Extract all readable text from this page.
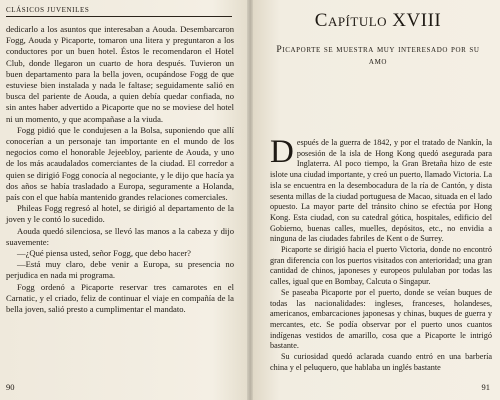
CLÁSICOS JUVENILES

dedicarlo a los asuntos que interesaban a Aouda. Desembarcaron Fogg, Aouda y Picaporte, tomaron una litera y preguntaron a los conductores por un buen hotel. Éstos le recomendaron el Hotel Club, donde llegaron un cuarto de hora después. Tuvieron un buen departamento para la bella joven, ocupándose Fogg de que estuviese bien instalada y nada le faltase; seguidamente salió en busca del pariente de Aouda, a quien debía quedar confiada, no sin antes haber advertido a Picaporte que no se moviese del hotel ni un momento, y que acompañase a la viuda.

Fogg pidió que le condujesen a la Bolsa, suponiendo que allí conocerían a un personaje tan importante en el mundo de los negocios como el honorable Jejeebloy, pariente de Aouda, y uno de los más acaudalados comerciantes de la ciudad. El corredor a quien se dirigió Fogg conocía al negociante, y le dijo que hacía ya dos años se había trasladado a Europa, seguramente a Holanda, país con el que había mantenido grandes relaciones comerciales.

Phileas Fogg regresó al hotel, se dirigió al departamento de la joven y le contó lo sucedido.

Aouda quedó silenciosa, se llevó las manos a la cabeza y dijo suavemente:

—¿Qué piensa usted, señor Fogg, que debo hacer?

—Está muy claro, debe venir a Europa, su presencia no perjudica en nada mi programa.

Fogg ordenó a Picaporte reservar tres camarotes en el Carnatic, y el criado, feliz de continuar el viaje en compañía de la bella joven, salió presto a cumplimentar el mandato.

90
Capítulo XVIII
Picaporte se muestra muy interesado por su amo

Después de la guerra de 1842, y por el tratado de Nankín, la posesión de la isla de Hong Kong quedó asegurada para Inglaterra. Al poco tiempo, la Gran Bretaña hizo de este islote una ciudad importante, y creó un puerto, llamado Victoria. La isla se encuentra en la desembocadura de la ría de Cantón, y dista sesenta millas de la ciudad portuguesa de Macao, situada en el lado opuesto. La mayor parte del tránsito chino se efectúa por Hong Kong. Esta ciudad, con su catedral gótica, hospitales, edificio del Gobierno, buenas calles, muelles, depósitos, etc., no envidia a ninguna de las ciudades fabriles de Kent o de Surrey.

Picaporte se dirigió hacia el puerto Victoria, donde no encontró gran diferencia con los puertos visitados con anterioridad; una gran cantidad de chinos, japoneses y europeos pululaban por todas las calles, igual que en Bombay, Calcuta o Singapur.

Se paseaba Picaporte por el puerto, donde se veían buques de todas las nacionalidades: ingleses, franceses, holandeses, americanos, embarcaciones japonesas y chinas, buques de guerra y mercantes, etc. Se podía observar por el puerto unos cuantos indígenas vestidos de amarillo, cosa que a Picaporte le intrigó bastante.

Su curiosidad quedó aclarada cuando entró en una barbería china y el peluquero, que hablaba un inglés bastante

91
